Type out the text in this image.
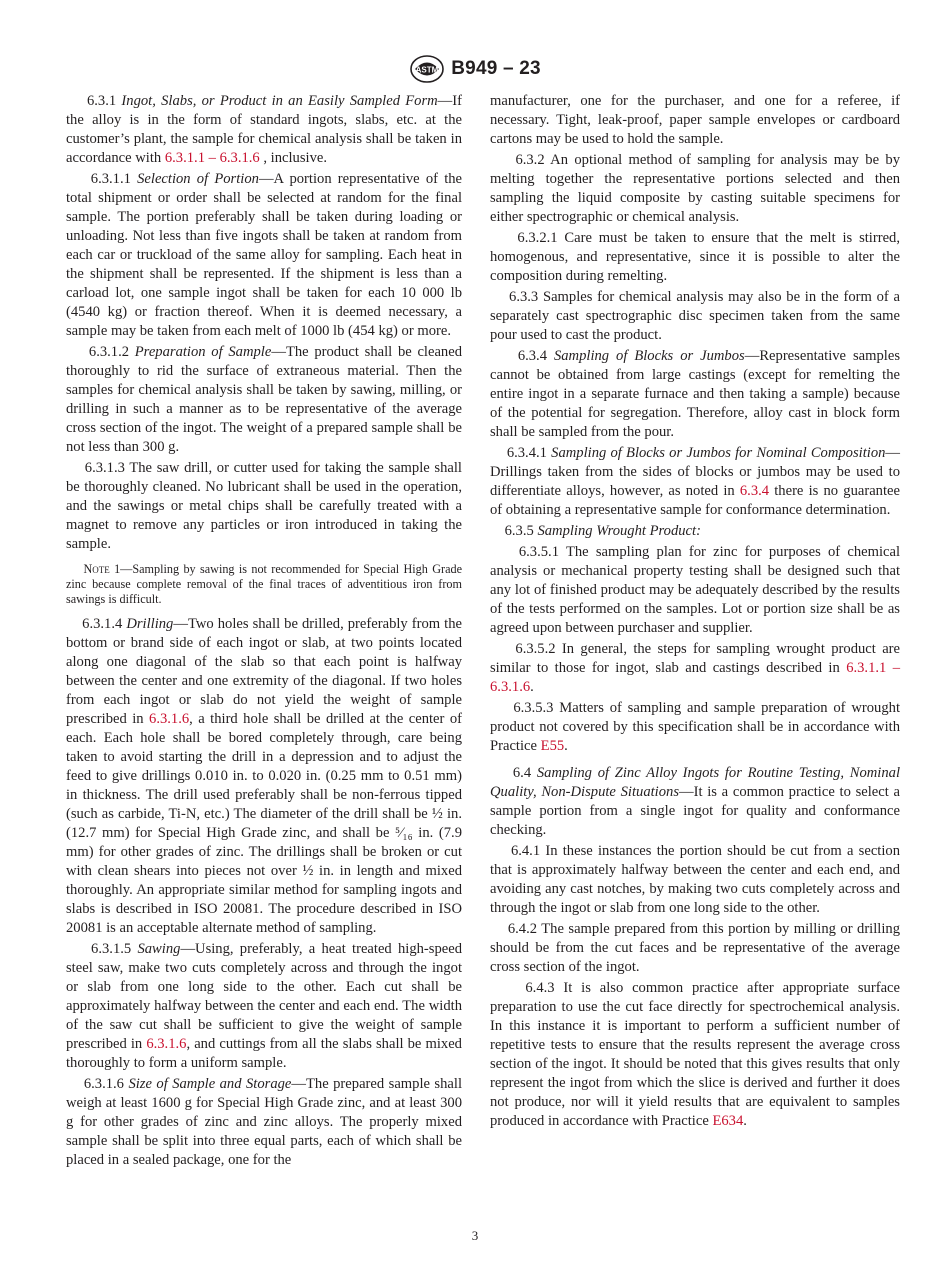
ASTM B949 – 23

6.3.1 Ingot, Slabs, or Product in an Easily Sampled Form—If the alloy is in the form of standard ingots, slabs, etc. at the customer’s plant, the sample for chemical analysis shall be taken in accordance with 6.3.1.1 – 6.3.1.6 , inclusive.

6.3.1.1 Selection of Portion—A portion representative of the total shipment or order shall be selected at random for the final sample. The portion preferably shall be taken during loading or unloading. Not less than five ingots shall be taken at random from each car or truckload of the same alloy for sampling. Each heat in the shipment shall be represented. If the shipment is less than a carload lot, one sample ingot shall be taken for each 10 000 lb (4540 kg) or fraction thereof. When it is deemed necessary, a sample may be taken from each melt of 1000 lb (454 kg) or more.

6.3.1.2 Preparation of Sample—The product shall be cleaned thoroughly to rid the surface of extraneous material. Then the samples for chemical analysis shall be taken by sawing, milling, or drilling in such a manner as to be representative of the average cross section of the ingot. The weight of a prepared sample shall be not less than 300 g.

6.3.1.3 The saw drill, or cutter used for taking the sample shall be thoroughly cleaned. No lubricant shall be used in the operation, and the sawings or metal chips shall be carefully treated with a magnet to remove any particles or iron introduced in taking the sample.

Note 1—Sampling by sawing is not recommended for Special High Grade zinc because complete removal of the final traces of adventitious iron from sawings is difficult.

6.3.1.4 Drilling—Two holes shall be drilled, preferably from the bottom or brand side of each ingot or slab, at two points located along one diagonal of the slab so that each point is halfway between the center and one extremity of the diagonal. If two holes from each ingot or slab do not yield the weight of sample prescribed in 6.3.1.6, a third hole shall be drilled at the center of each. Each hole shall be bored completely through, care being taken to avoid starting the drill in a depression and to adjust the feed to give drillings 0.010 in. to 0.020 in. (0.25 mm to 0.51 mm) in thickness. The drill used preferably shall be non-ferrous tipped (such as carbide, Ti-N, etc.) The diameter of the drill shall be ½ in. (12.7 mm) for Special High Grade zinc, and shall be ⁵⁄₁₆ in. (7.9 mm) for other grades of zinc. The drillings shall be broken or cut with clean shears into pieces not over ½ in. in length and mixed thoroughly. An appropriate similar method for sampling ingots and slabs is described in ISO 20081. The procedure described in ISO 20081 is an acceptable alternate method of sampling.

6.3.1.5 Sawing—Using, preferably, a heat treated high-speed steel saw, make two cuts completely across and through the ingot or slab from one long side to the other. Each cut shall be approximately halfway between the center and each end. The width of the saw cut shall be sufficient to give the weight of sample prescribed in 6.3.1.6, and cuttings from all the slabs shall be mixed thoroughly to form a uniform sample.

6.3.1.6 Size of Sample and Storage—The prepared sample shall weigh at least 1600 g for Special High Grade zinc, and at least 300 g for other grades of zinc and zinc alloys. The properly mixed sample shall be split into three equal parts, each of which shall be placed in a sealed package, one for the

manufacturer, one for the purchaser, and one for a referee, if necessary. Tight, leak-proof, paper sample envelopes or cardboard cartons may be used to hold the sample.

6.3.2 An optional method of sampling for analysis may be by melting together the representative portions selected and then sampling the liquid composite by casting suitable specimens for either spectrographic or chemical analysis.

6.3.2.1 Care must be taken to ensure that the melt is stirred, homogenous, and representative, since it is possible to alter the composition during remelting.

6.3.3 Samples for chemical analysis may also be in the form of a separately cast spectrographic disc specimen taken from the same pour used to cast the product.

6.3.4 Sampling of Blocks or Jumbos—Representative samples cannot be obtained from large castings (except for remelting the entire ingot in a separate furnace and then taking a sample) because of the potential for segregation. Therefore, alloy cast in block form shall be sampled from the pour.

6.3.4.1 Sampling of Blocks or Jumbos for Nominal Composition—Drillings taken from the sides of blocks or jumbos may be used to differentiate alloys, however, as noted in 6.3.4 there is no guarantee of obtaining a representative sample for conformance determination.

6.3.5 Sampling Wrought Product:

6.3.5.1 The sampling plan for zinc for purposes of chemical analysis or mechanical property testing shall be designed such that any lot of finished product may be adequately described by the results of the tests performed on the samples. Lot or portion size shall be as agreed upon between purchaser and supplier.

6.3.5.2 In general, the steps for sampling wrought product are similar to those for ingot, slab and castings described in 6.3.1.1 – 6.3.1.6.

6.3.5.3 Matters of sampling and sample preparation of wrought product not covered by this specification shall be in accordance with Practice E55.

6.4 Sampling of Zinc Alloy Ingots for Routine Testing, Nominal Quality, Non-Dispute Situations—It is a common practice to select a sample portion from a single ingot for quality and conformance checking.

6.4.1 In these instances the portion should be cut from a section that is approximately halfway between the center and each end, and avoiding any cast notches, by making two cuts completely across and through the ingot or slab from one long side to the other.

6.4.2 The sample prepared from this portion by milling or drilling should be from the cut faces and be representative of the average cross section of the ingot.

6.4.3 It is also common practice after appropriate surface preparation to use the cut face directly for spectrochemical analysis. In this instance it is important to perform a sufficient number of repetitive tests to ensure that the results represent the average cross section of the ingot. It should be noted that this gives results that only represent the ingot from which the slice is derived and further it does not produce, nor will it yield results that are equivalent to samples produced in accordance with Practice E634.

3
